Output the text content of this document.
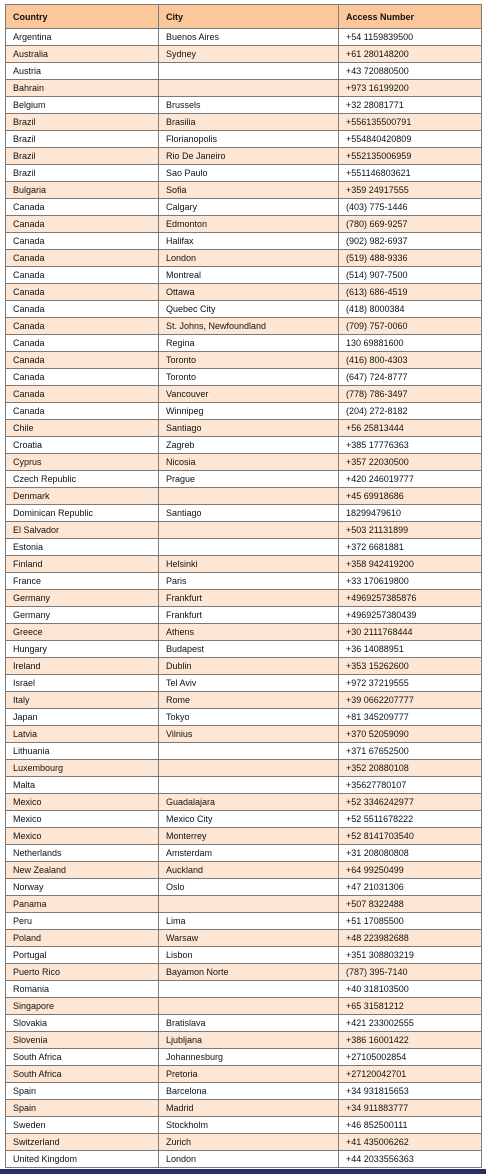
Country	City	Access Number
Argentina	Buenos Aires	+54 1159839500
Australia	Sydney	+61 280148200
Austria		+43 720880500
Bahrain		+973 16199200
Belgium	Brussels	+32 28081771
Brazil	Brasilia	+556135500791
Brazil	Florianopolis	+554840420809
Brazil	Rio De Janeiro	+552135006959
Brazil	Sao Paulo	+551146803621
Bulgaria	Sofia	+359 24917555
Canada	Calgary	(403) 775-1446
Canada	Edmonton	(780) 669-9257
Canada	Halifax	(902) 982-6937
Canada	London	(519) 488-9336
Canada	Montreal	(514) 907-7500
Canada	Ottawa	(613) 686-4519
Canada	Quebec City	(418) 8000384
Canada	St. Johns, Newfoundland	(709) 757-0060
Canada	Regina	130 69881600
Canada	Toronto	(416) 800-4303
Canada	Toronto	(647) 724-8777
Canada	Vancouver	(778) 786-3497
Canada	Winnipeg	(204) 272-8182
Chile	Santiago	+56 25813444
Croatia	Zagreb	+385 17776363
Cyprus	Nicosia	+357 22030500
Czech Republic	Prague	+420 246019777
Denmark		+45 69918686
Dominican Republic	Santiago	18299479610
El Salvador		+503 21131899
Estonia		+372 6681881
Finland	Helsinki	+358 942419200
France	Paris	+33 170619800
Germany	Frankfurt	+4969257385876
Germany	Frankfurt	+4969257380439
Greece	Athens	+30 2111768444
Hungary	Budapest	+36 14088951
Ireland	Dublin	+353 15262600
Israel	Tel Aviv	+972 37219555
Italy	Rome	+39 0662207777
Japan	Tokyo	+81 345209777
Latvia	Vilnius	+370 52059090
Lithuania		+371 67652500
Luxembourg		+352 20880108
Malta		+35627780107
Mexico	Guadalajara	+52 3346242977
Mexico	Mexico City	+52 5511678222
Mexico	Monterrey	+52 8141703540
Netherlands	Amsterdam	+31 208080808
New Zealand	Auckland	+64 99250499
Norway	Oslo	+47 21031306
Panama		+507 8322488
Peru	Lima	+51 17085500
Poland	Warsaw	+48 223982688
Portugal	Lisbon	+351 308803219
Puerto Rico	Bayamon Norte	(787) 395-7140
Romania		+40 318103500
Singapore		+65 31581212
Slovakia	Bratislava	+421 233002555
Slovenia	Ljubljana	+386 16001422
South Africa	Johannesburg	+27105002854
South Africa	Pretoria	+27120042701
Spain	Barcelona	+34 931815653
Spain	Madrid	+34 911883777
Sweden	Stockholm	+46 852500111
Switzerland	Zurich	+41 435006262
United Kingdom	London	+44 2033556363
